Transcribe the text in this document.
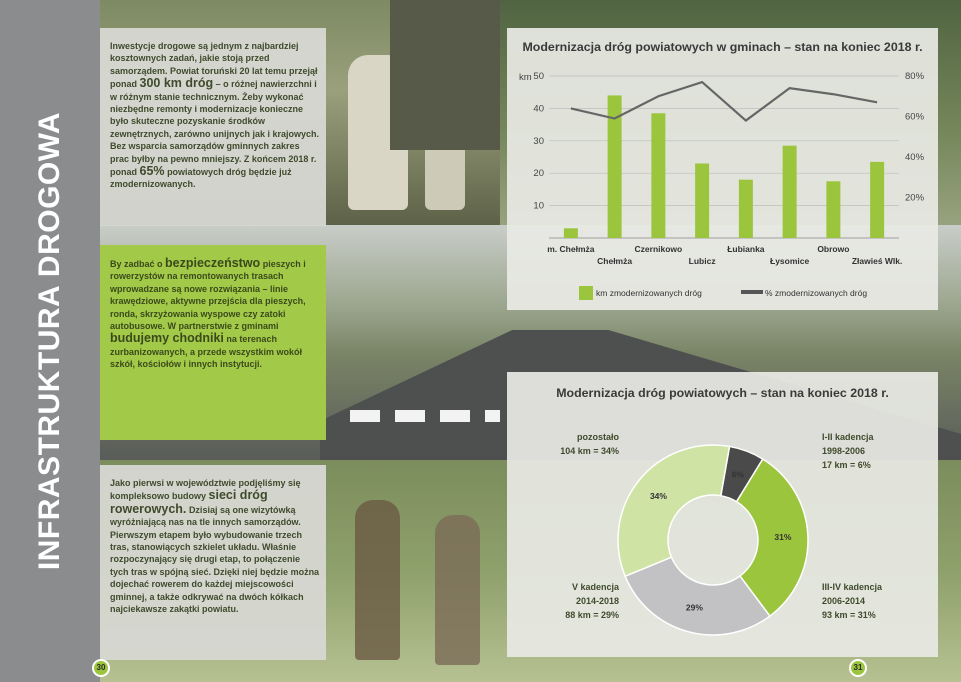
INFRASTRUKTURA DROGOWA

Inwestycje drogowe są jednym z najbardziej kosztownych zadań, jakie stoją przed samorządem. Powiat toruński 20 lat temu przejął ponad 300 km dróg – o różnej nawierzchni i w różnym stanie technicznym. Żeby wykonać niezbędne remonty i modernizacje konieczne było skuteczne pozyskanie środków zewnętrznych, zarówno unijnych jak i krajowych.

Bez wsparcia samorządów gminnych zakres prac byłby na pewno mniejszy. Z końcem 2018 r. ponad 65% powiatowych dróg będzie już zmodernizowanych.

By zadbać o bezpieczeństwo pieszych i rowerzystów na remontowanych trasach wprowadzane są nowe rozwiązania – linie krawędziowe, aktywne przejścia dla pieszych, ronda, skrzyżowania wyspowe czy zatoki autobusowe. W partnerstwie z gminami budujemy chodniki na terenach zurbanizowanych, a przede wszystkim wokół szkół, kościołów i innych instytucji.

Jako pierwsi w województwie podjęliśmy się kompleksowo budowy sieci dróg rowerowych. Dzisiaj są one wizytówką wyróżniającą nas na tle innych samorządów. Pierwszym etapem było wybudowanie trzech tras, stanowiących szkielet układu. Właśnie rozpoczynający się drugi etap, to połączenie tych tras w spójną sieć. Dzięki niej będzie można dojechać rowerem do każdej miejscowości gminnej, a także odkrywać na dwóch kółkach najciekawsze zakątki powiatu.

Modernizacja dróg powiatowych w gminach – stan na koniec 2018 r.
10
20
30
40
50
km
20%
40%
60%
80%
m. Chełmża
Chełmża
Czernikowo
Lubicz
Łubianka
Łysomice
Obrowo
Zławieś Wlk.
km zmodernizowanych dróg	% zmodernizowanych dróg
Modernizacja dróg powiatowych – stan na koniec 2018 r.
6%
31%
29%
34%
pozostało
104 km = 34%
I-II kadencja
1998-2006
17 km = 6%
V kadencja
2014-2018
88 km = 29%
III-IV kadencja
2006-2014
93 km = 31%
30	31
